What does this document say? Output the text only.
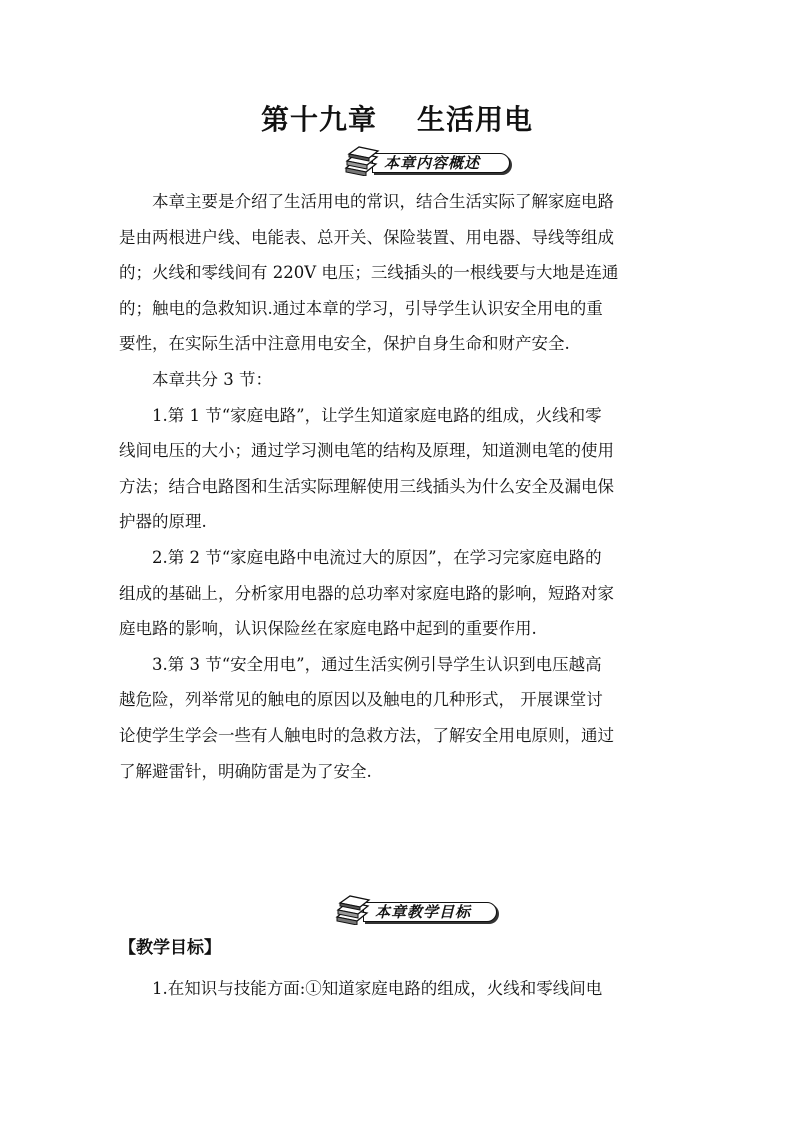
第十九章 生活用电
本章内容概述

本章主要是介绍了生活用电的常识，结合生活实际了解家庭电路
是由两根进户线、电能表、总开关、保险装置、用电器、导线等组成
的；火线和零线间有 220V 电压；三线插头的一根线要与大地是连通
的；触电的急救知识.通过本章的学习，引导学生认识安全用电的重
要性，在实际生活中注意用电安全，保护自身生命和财产安全.

本章共分 3 节：

1.第 1 节“家庭电路”，让学生知道家庭电路的组成，火线和零
线间电压的大小；通过学习测电笔的结构及原理，知道测电笔的使用
方法；结合电路图和生活实际理解使用三线插头为什么安全及漏电保
护器的原理.

2.第 2 节“家庭电路中电流过大的原因”，在学习完家庭电路的
组成的基础上，分析家用电器的总功率对家庭电路的影响，短路对家
庭电路的影响，认识保险丝在家庭电路中起到的重要作用.

3.第 3 节“安全用电”，通过生活实例引导学生认识到电压越高
越危险，列举常见的触电的原因以及触电的几种形式， 开展课堂讨
论使学生学会一些有人触电时的急救方法，了解安全用电原则，通过
了解避雷针，明确防雷是为了安全.

本章教学目标
【教学目标】

1.在知识与技能方面:①知道家庭电路的组成，火线和零线间电
